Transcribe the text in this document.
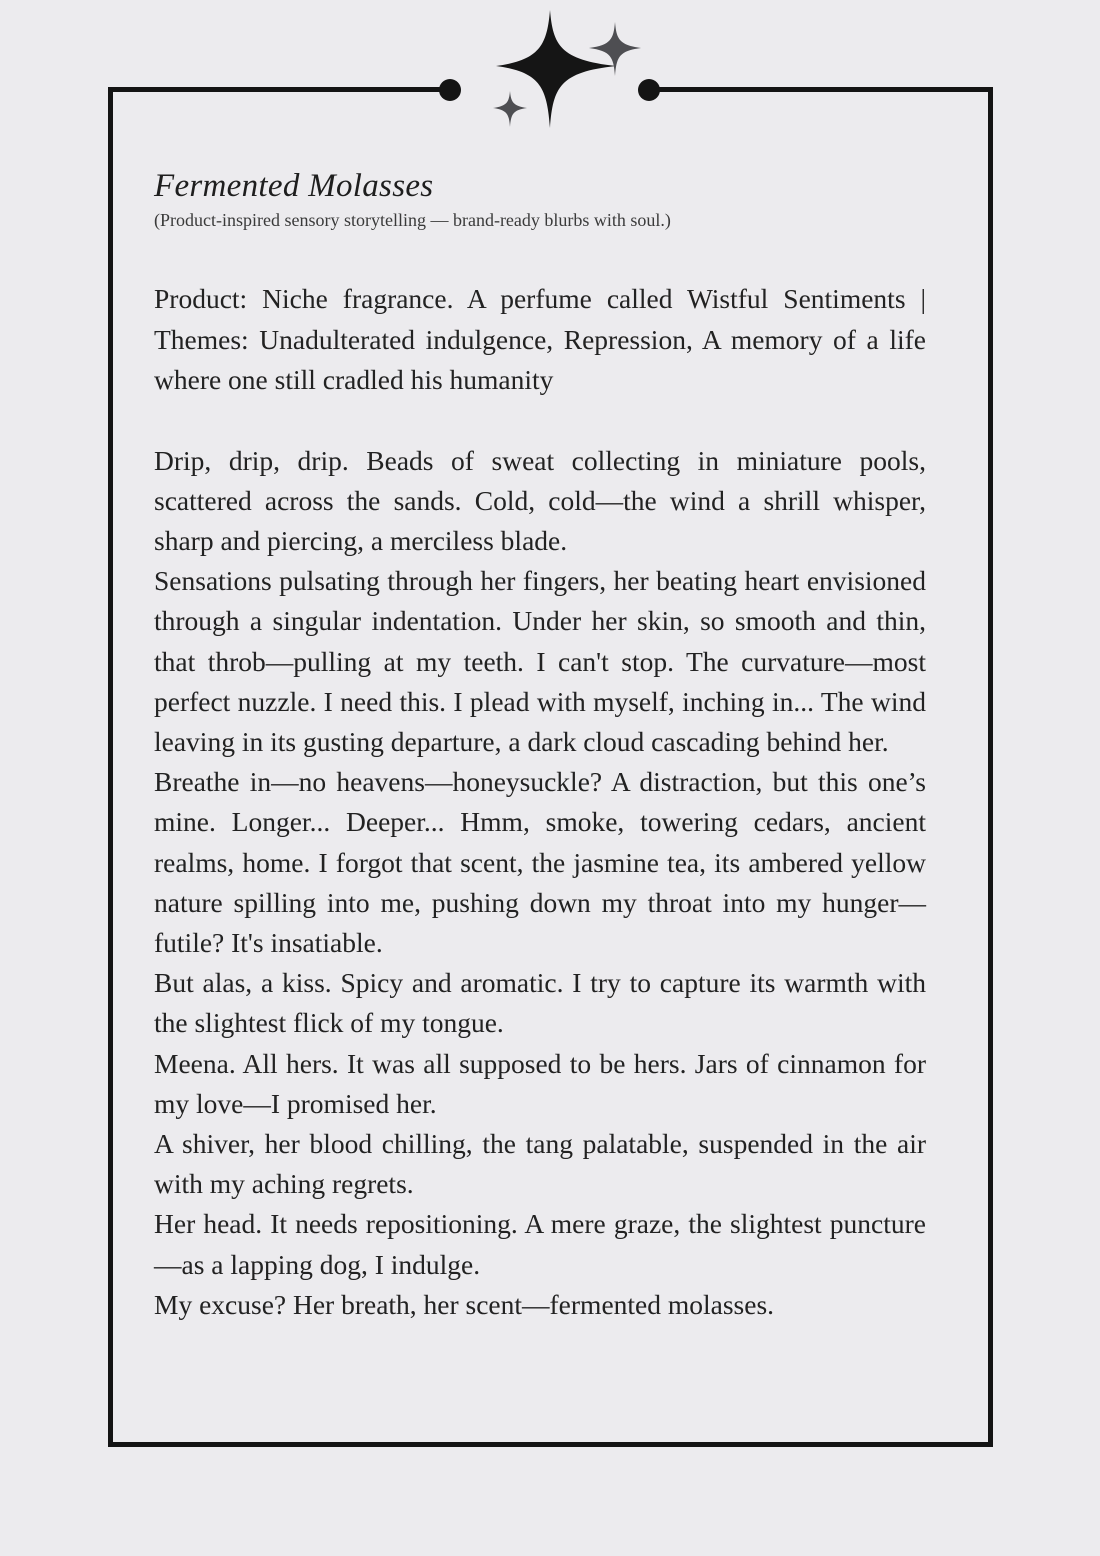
Fermented Molasses

(Product-inspired sensory storytelling — brand-ready blurbs with soul.)

Product: Niche fragrance. A perfume called Wistful Sentiments | Themes: Unadulterated indulgence, Repression, A memory of a life where one still cradled his humanity

Drip, drip, drip. Beads of sweat collecting in miniature pools, scattered across the sands. Cold, cold—the wind a shrill whisper, sharp and piercing, a merciless blade.

Sensations pulsating through her fingers, her beating heart envisioned through a singular indentation. Under her skin, so smooth and thin, that throb—pulling at my teeth. I can't stop. The curvature—most perfect nuzzle. I need this. I plead with myself, inching in... The wind leaving in its gusting departure, a dark cloud cascading behind her.

Breathe in—no heavens—honeysuckle? A distraction, but this one’s mine. Longer... Deeper... Hmm, smoke, towering cedars, ancient realms, home. I forgot that scent, the jasmine tea, its ambered yellow nature spilling into me, pushing down my throat into my hunger—futile? It's insatiable.

But alas, a kiss. Spicy and aromatic. I try to capture its warmth with the slightest flick of my tongue.

Meena. All hers. It was all supposed to be hers. Jars of cinnamon for my love—I promised her.

A shiver, her blood chilling, the tang palatable, suspended in the air with my aching regrets.

Her head. It needs repositioning. A mere graze, the slightest puncture—as a lapping dog, I indulge.

My excuse? Her breath, her scent—fermented molasses.
